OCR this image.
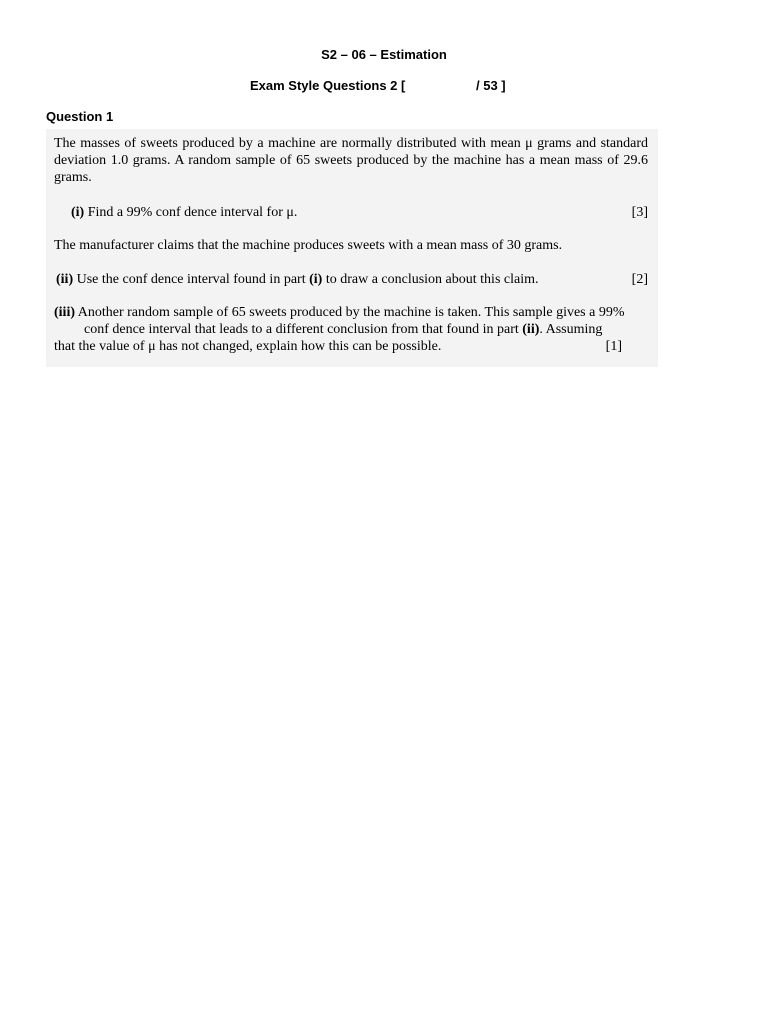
S2 – 06 – Estimation
Exam Style Questions 2 [	/ 53 ]
Question 1
The masses of sweets produced by a machine are normally distributed with mean μ grams and standard deviation 1.0 grams. A random sample of 65 sweets produced by the machine has a mean mass of 29.6 grams.
(i) Find a 99% conf dence interval for μ.	[3]
The manufacturer claims that the machine produces sweets with a mean mass of 30 grams.
(ii) Use the conf dence interval found in part (i) to draw a conclusion about this claim.	[2]
(iii) Another random sample of 65 sweets produced by the machine is taken. This sample gives a 99%
conf dence interval that leads to a different conclusion from that found in part (ii). Assuming
that the value of μ has not changed, explain how this can be possible.	[1]
